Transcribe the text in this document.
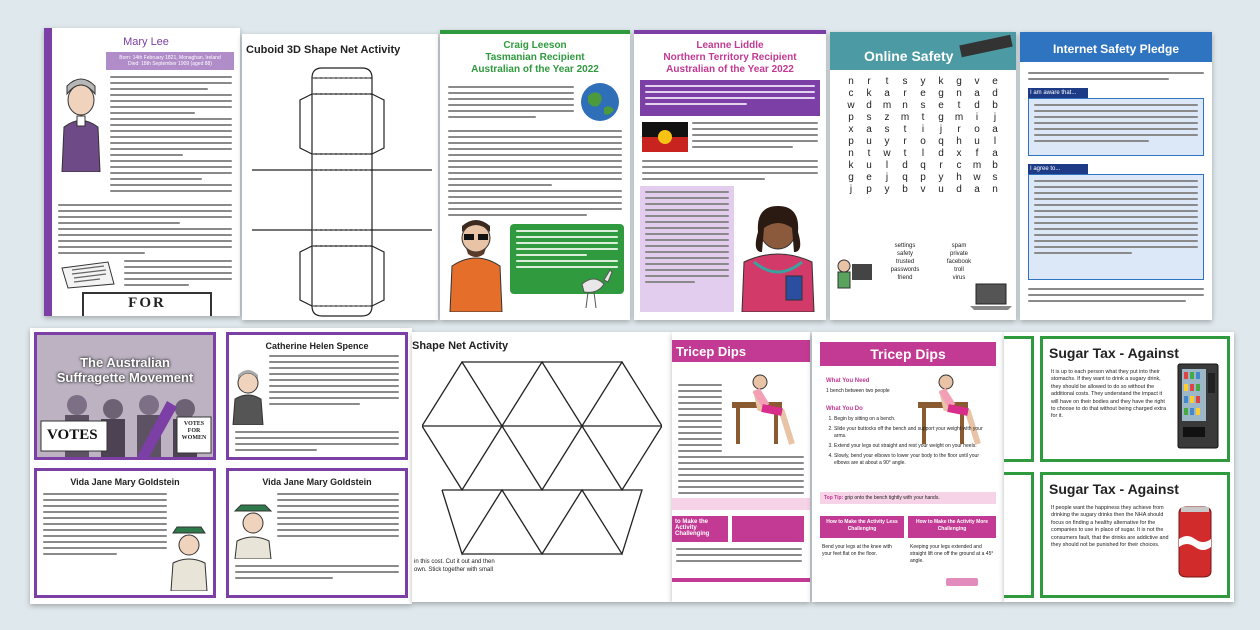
Mary Lee
Born: 14th February 1821, Monaghan, Ireland
Died: 18th September 1909 (aged 88)
FOR
Cuboid 3D Shape Net Activity	Craig Leeson
Tasmanian Recipient
Australian of the Year 2022
Leanne Liddle
Northern Territory Recipient
Australian of the Year 2022
Online Safety
n	r	t	s	y	k	g	v	e
c	k	a	r	e	g	n	a	d
w	d	m	n	s	e	t	d	b
p	s	z	m	t	g	m	i	j
x	a	s	t	i	j	r	o	a
p	u	y	r	o	q	h	u	l
n	t	w	t	l	d	x	f	a
k	u	l	d	q	r	c	m	b
g	e	j	q	p	y	h	w	s
j	p	y	b	v	u	d	a	n
settings
safety
trusted
passwords
friend
spam
private
facebook
troll
virus
Internet Safety Pledge
I am aware that...
I agree to...
The Australian
Suffragette Movement
VOTES
VOTES
FOR
WOMEN
Catherine Helen Spence
Vida Jane Mary Goldstein	Vida Jane Mary Goldstein
Shape Net Activity
in this cost. Cut it out and then
own. Stick together with small
Tricep Dips
to Make the Activity Challenging
Tricep Dips
What You Need
1 bench between two people
What You Do
1. Begin by sitting on a bench.
2. Slide your buttocks off the bench and support your weight with your arms.
3. Extend your legs out straight and rest your weight on your heels.
4. Slowly, bend your elbows to lower your body to the floor until your elbows are at about a 90° angle.
Top Tip: grip onto the bench tightly with your hands.
How to Make the Activity Less Challenging
How to Make the Activity More Challenging
Bend your legs at the knee with your feet flat on the floor.
Keeping your legs extended and straight lift one off the ground at a 45° angle.
Sugar Tax - Against
It is up to each person what they put into their stomachs. If they want to drink a sugary drink, they should be allowed to do so without the additional costs. They understand the impact it will have on their bodies and they have the right to choose to do that without being charged extra for it.
Sugar Tax - Against
If people want the happiness they achieve from drinking the sugary drinks then the NHA should focus on finding a healthy alternative for the companies to use in place of sugar. It is not the consumers fault, that the drinks are addictive and they should not be punished for their choices.
